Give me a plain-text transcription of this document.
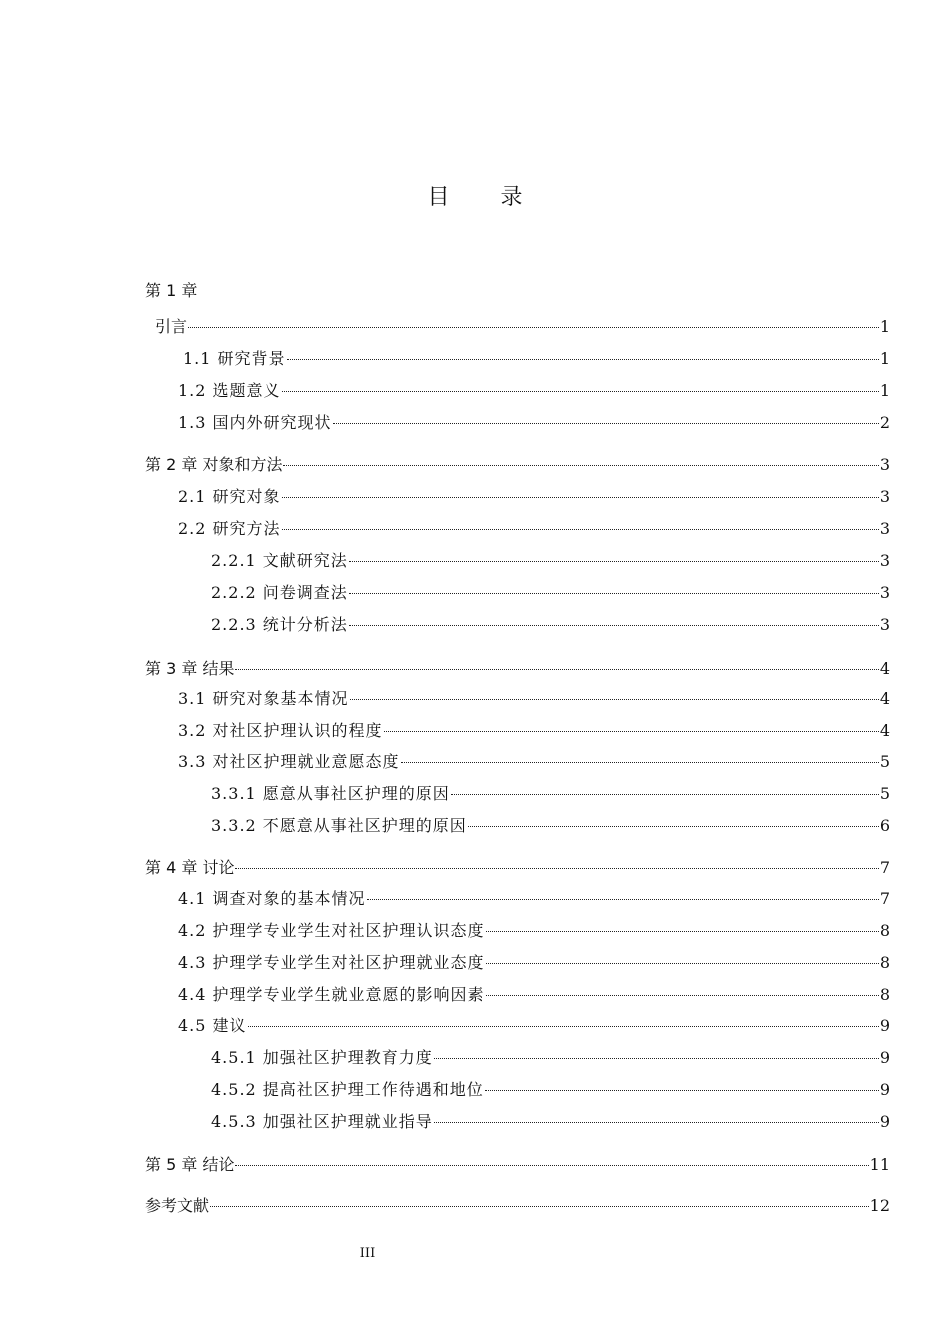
目 录
第 1 章
引言	1
1.1 研究背景	1
1.2 选题意义	1
1.3 国内外研究现状	2
第 2 章 对象和方法	3
2.1 研究对象	3
2.2 研究方法	3
2.2.1 文献研究法	3
2.2.2 问卷调查法	3
2.2.3 统计分析法	3
第 3 章 结果	4
3.1 研究对象基本情况	4
3.2 对社区护理认识的程度	4
3.3 对社区护理就业意愿态度	5
3.3.1 愿意从事社区护理的原因	5
3.3.2 不愿意从事社区护理的原因	6
第 4 章 讨论	7
4.1 调查对象的基本情况	7
4.2 护理学专业学生对社区护理认识态度	8
4.3 护理学专业学生对社区护理就业态度	8
4.4 护理学专业学生就业意愿的影响因素	8
4.5 建议	9
4.5.1 加强社区护理教育力度	9
4.5.2 提高社区护理工作待遇和地位	9
4.5.3 加强社区护理就业指导	9
第 5 章 结论	11
参考文献	12
III
